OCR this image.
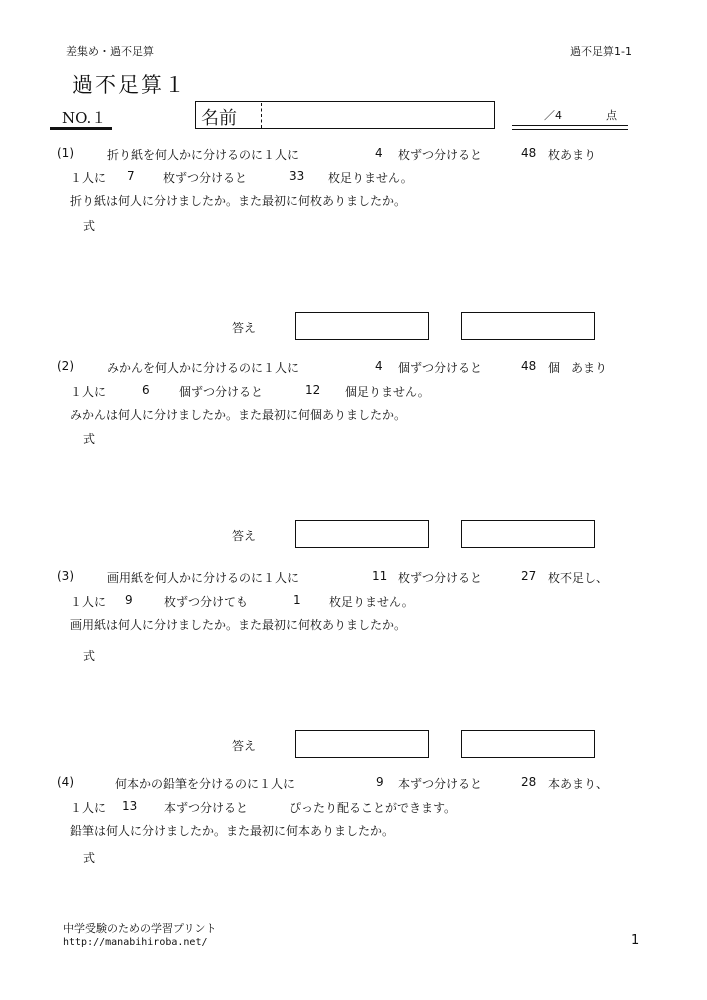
差集め・過不足算	過不足算1-1
過不足算１
NO.１	名前	／4	点
(1)	折り紙を何人かに分けるのに１人に	4 枚ずつ分けると	48 枚あまり
１人に 7 枚ずつ分けると	33 枚足りません。
折り紙は何人に分けましたか。また最初に何枚ありましたか。
式
答え
(2)	みかんを何人かに分けるのに１人に	4 個ずつ分けると	48 個 あまり
１人に	6 個ずつ分けると	12 個足りません。
みかんは何人に分けましたか。また最初に何個ありましたか。
式
答え
(3)	画用紙を何人かに分けるのに１人に	11 枚ずつ分けると	27 枚不足し、
１人に 9	枚ずつ分けても	1 枚足りません。
画用紙は何人に分けましたか。また最初に何枚ありましたか。
式
答え
(4)	何本かの鉛筆を分けるのに１人に	9 本ずつ分けると	28 本あまり、
１人に 13 本ずつ分けると	ぴったり配ることができます。
鉛筆は何人に分けましたか。また最初に何本ありましたか。
式
中学受験のための学習プリント
http://manabihiroba.net/	1
